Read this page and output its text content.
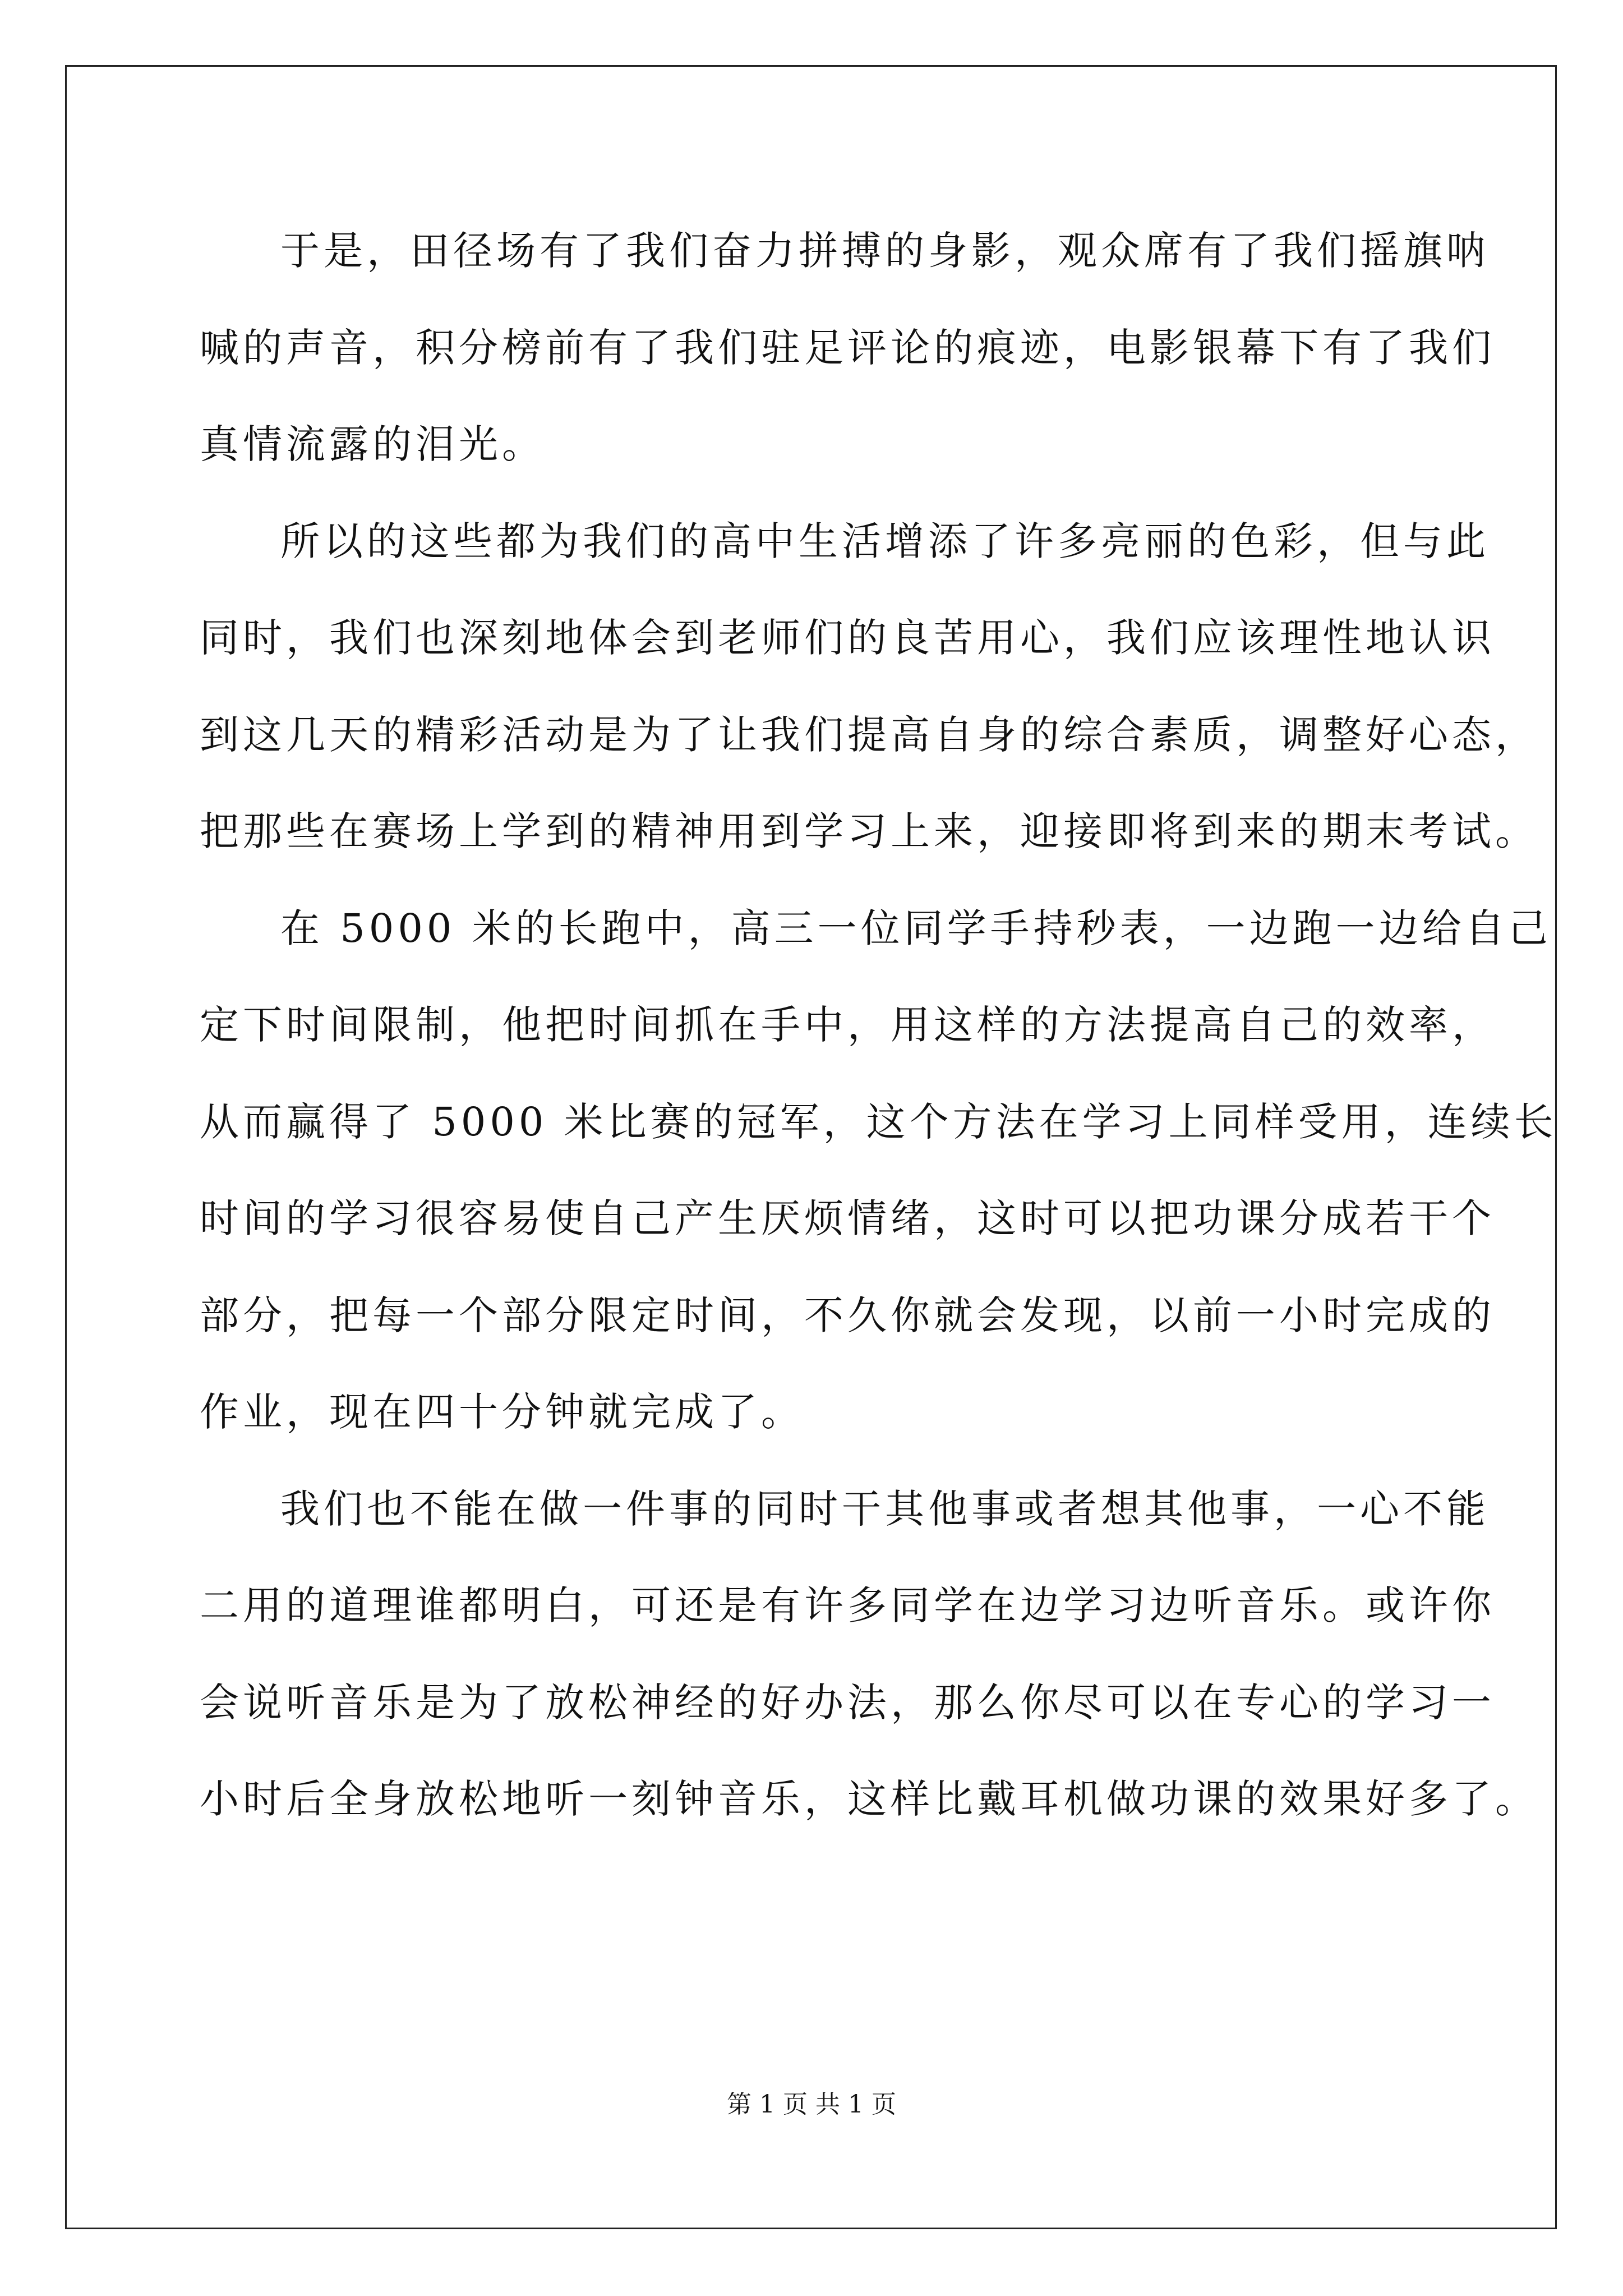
于是，田径场有了我们奋力拼搏的身影，观众席有了我们摇旗呐
喊的声音，积分榜前有了我们驻足评论的痕迹，电影银幕下有了我们
真情流露的泪光。
所以的这些都为我们的高中生活增添了许多亮丽的色彩，但与此
同时，我们也深刻地体会到老师们的良苦用心，我们应该理性地认识
到这几天的精彩活动是为了让我们提高自身的综合素质，调整好心态，
把那些在赛场上学到的精神用到学习上来，迎接即将到来的期末考试。
在 5000 米的长跑中，高三一位同学手持秒表，一边跑一边给自己
定下时间限制，他把时间抓在手中，用这样的方法提高自己的效率，
从而赢得了 5000 米比赛的冠军，这个方法在学习上同样受用，连续长
时间的学习很容易使自己产生厌烦情绪，这时可以把功课分成若干个
部分，把每一个部分限定时间，不久你就会发现，以前一小时完成的
作业，现在四十分钟就完成了。
我们也不能在做一件事的同时干其他事或者想其他事，一心不能
二用的道理谁都明白，可还是有许多同学在边学习边听音乐。或许你
会说听音乐是为了放松神经的好办法，那么你尽可以在专心的学习一
小时后全身放松地听一刻钟音乐，这样比戴耳机做功课的效果好多了。
第 1 页 共 1 页
